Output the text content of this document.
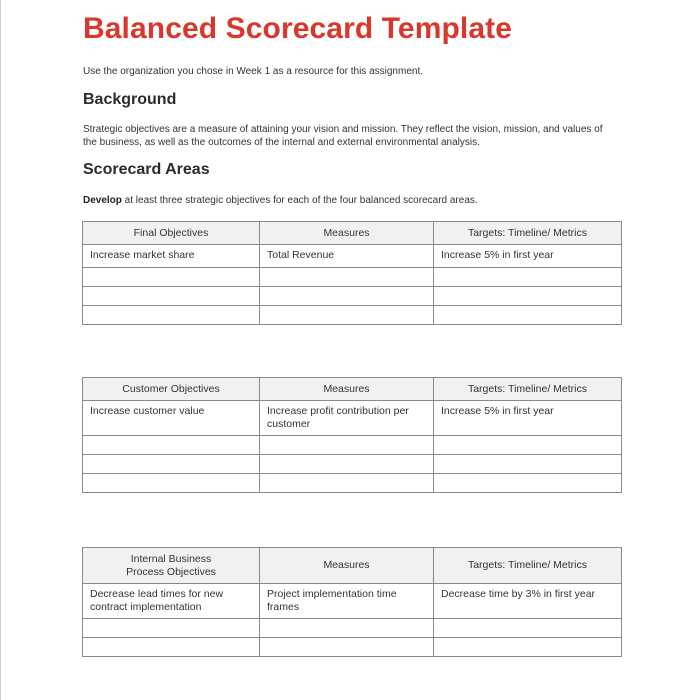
Balanced Scorecard Template
Use the organization you chose in Week 1 as a resource for this assignment.
Background
Strategic objectives are a measure of attaining your vision and mission. They reflect the vision, mission, and values of the business, as well as the outcomes of the internal and external environmental analysis.
Scorecard Areas
Develop at least three strategic objectives for each of the four balanced scorecard areas.
Final Objectives	Measures	Targets: Timeline/ Metrics
Increase market share	Total Revenue	Increase 5% in first year

Customer Objectives	Measures	Targets: Timeline/ Metrics
Increase customer value	Increase profit contribution per customer	Increase 5% in first year

Internal Business Process Objectives	Measures	Targets: Timeline/ Metrics
Decrease lead times for new contract implementation	Project implementation time frames	Decrease time by 3% in first year
